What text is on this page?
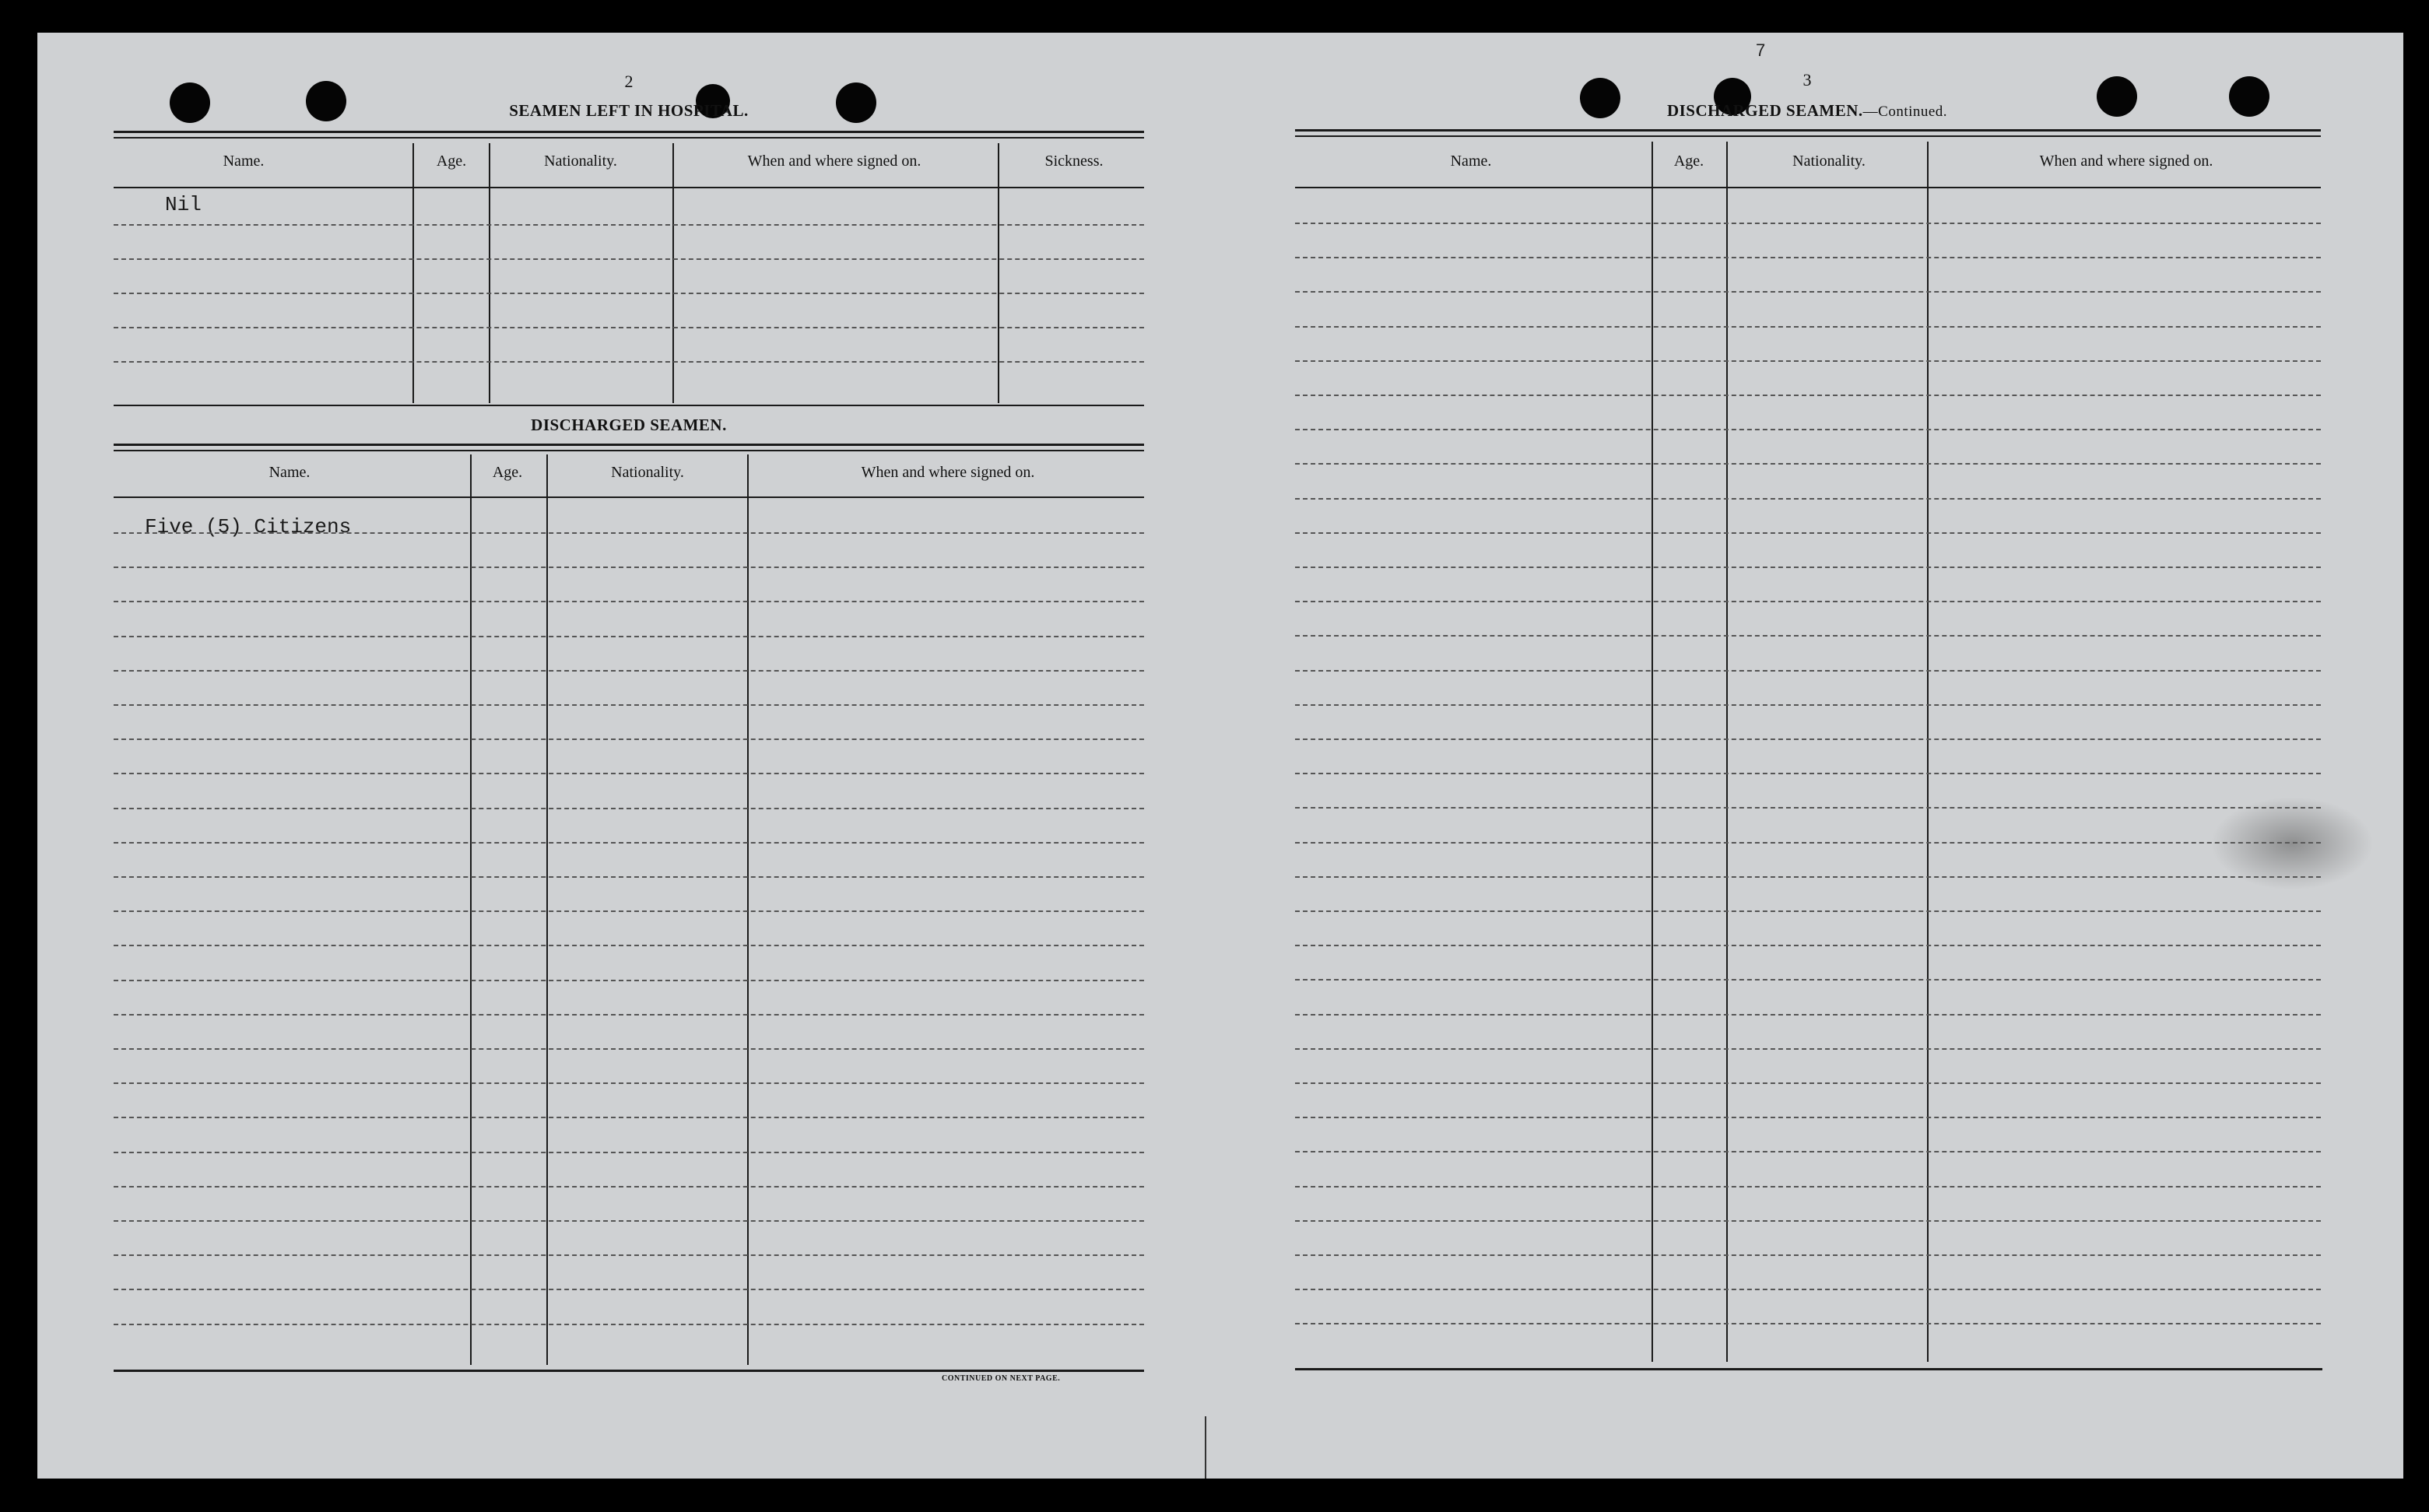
2
SEAMEN LEFT IN HOSPITAL.
Name.	Age.	Nationality.	When and where signed on.	Sickness.
Nil
DISCHARGED SEAMEN.
Name.	Age.	Nationality.	When and where signed on.
Five (5) Citizens
CONTINUED ON NEXT PAGE.
3
7
DISCHARGED SEAMEN.—Continued.
Name.	Age.	Nationality.	When and where signed on.
